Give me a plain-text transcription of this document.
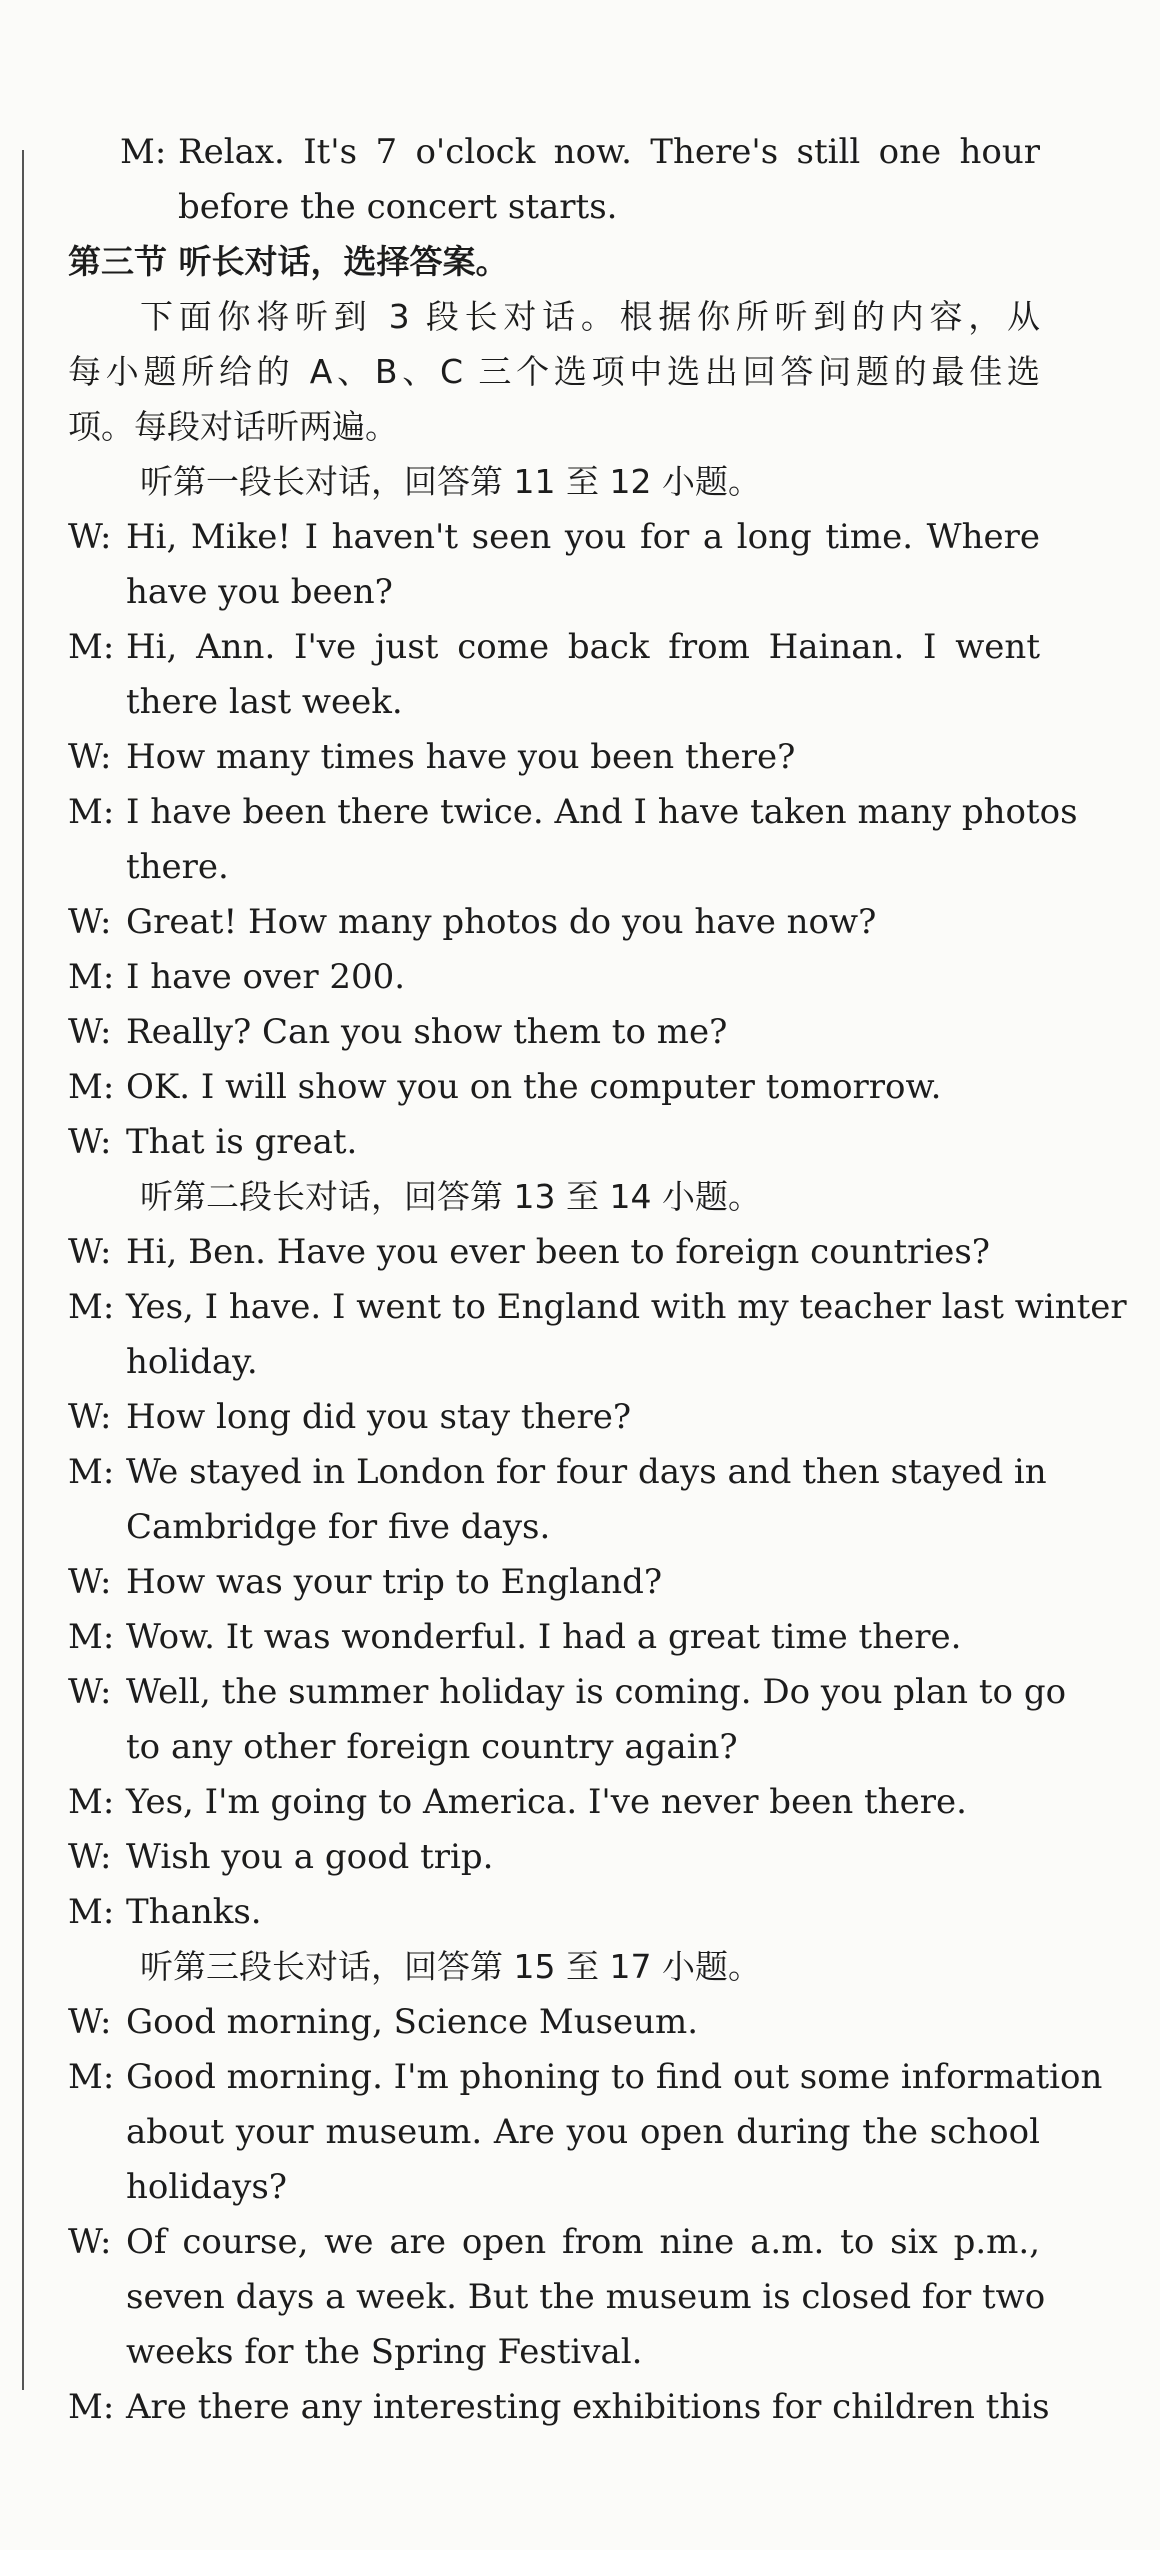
M: Relax. It's 7 o'clock now. There's still one hour
before the concert starts.
第三节 听长对话，选择答案。
下面你将听到 3 段长对话。根据你所听到的内容，从
每小题所给的 A、B、C 三个选项中选出回答问题的最佳选
项。每段对话听两遍。
听第一段长对话，回答第 11 至 12 小题。
W: Hi, Mike! I haven't seen you for a long time. Where
have you been?
M: Hi, Ann. I've just come back from Hainan. I went
there last week.
W: How many times have you been there?
M: I have been there twice. And I have taken many photos
there.
W: Great! How many photos do you have now?
M: I have over 200.
W: Really? Can you show them to me?
M: OK. I will show you on the computer tomorrow.
W: That is great.
听第二段长对话，回答第 13 至 14 小题。
W: Hi, Ben. Have you ever been to foreign countries?
M: Yes, I have. I went to England with my teacher last winter
holiday.
W: How long did you stay there?
M: We stayed in London for four days and then stayed in
Cambridge for five days.
W: How was your trip to England?
M: Wow. It was wonderful. I had a great time there.
W: Well, the summer holiday is coming. Do you plan to go
to any other foreign country again?
M: Yes, I'm going to America. I've never been there.
W: Wish you a good trip.
M: Thanks.
听第三段长对话，回答第 15 至 17 小题。
W: Good morning, Science Museum.
M: Good morning. I'm phoning to find out some information
about your museum. Are you open during the school
holidays?
W: Of course, we are open from nine a.m. to six p.m.,
seven days a week. But the museum is closed for two
weeks for the Spring Festival.
M: Are there any interesting exhibitions for children this
